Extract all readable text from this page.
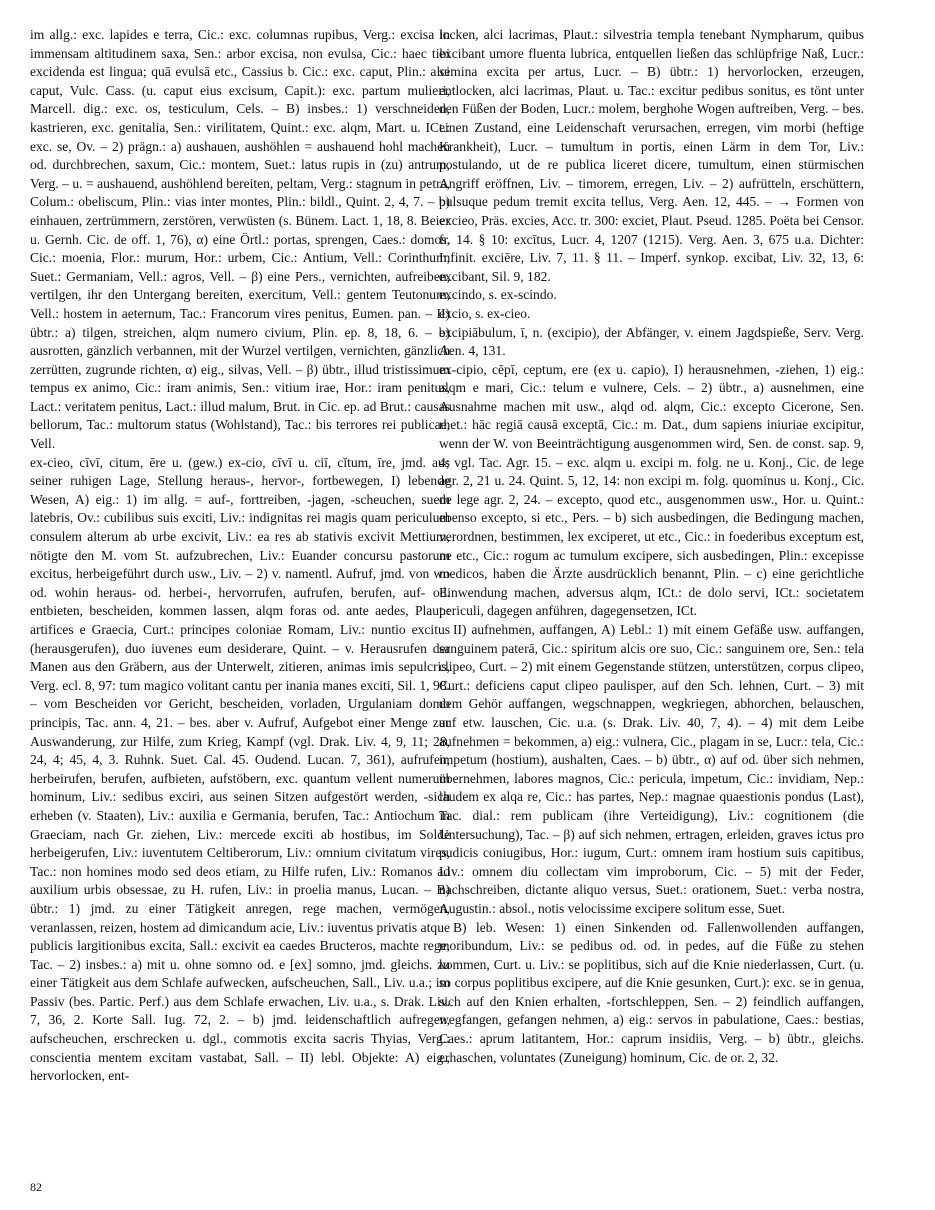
im allg.: exc. lapides e terra, Cic.: exc. columnas rupibus, Verg.: excisa in immensam altitudinem saxa, Sen.: arbor excisa, non evulsa, Cic.: haec tibi excidenda est lingua; quā evulsā etc., Cassius b. Cic.: exc. caput, Plin.: alci caput, Vulc. Cass. (u. caput eius excisum, Capit.): exc. partum mulieri, Marcell. dig.: exc. os, testiculum, Cels. – B) insbes.: 1) verschneiden, kastrieren, exc. genitalia, Sen.: virilitatem, Quint.: exc. alqm, Mart. u. ICt.: exc. se, Ov. – 2) prägn.: a) aushauen, aushöhlen = aushauend hohl machen od. durchbrechen, saxum, Cic.: montem, Suet.: latus rupis in (zu) antrum, Verg. – u. = aushauend, aushöhlend bereiten, peltam, Verg.: stagnum in petra, Colum.: obeliscum, Plin.: vias inter montes, Plin.: bildl., Quint. 2, 4, 7. – b) einhauen, zertrümmern, zerstören, verwüsten (s. Bünem. Lact. 1, 18, 8. Beier u. Gernh. Cic. de off. 1, 76), α) eine Örtl.: portas, sprengen, Caes.: domos, Cic.: moenia, Flor.: murum, Hor.: urbem, Cic.: Antium, Vell.: Corinthum, Suet.: Germaniam, Vell.: agros, Vell. – β) eine Pers., vernichten, aufreiben, vertilgen, ihr den Untergang bereiten, exercitum, Vell.: gentem Teutonum, Vell.: hostem in aeternum, Tac.: Francorum vires penitus, Eumen. pan. – II) übtr.: a) tilgen, streichen, alqm numero civium, Plin. ep. 8, 18, 6. – b) ausrotten, gänzlich verbannen, mit der Wurzel vertilgen, vernichten, gänzlich zerrütten, zugrunde richten, α) eig., silvas, Vell. – β) übtr., illud tristissimum tempus ex animo, Cic.: iram animis, Sen.: vitium irae, Hor.: iram penitus, Lact.: veritatem penitus, Lact.: illud malum, Brut. in Cic. ep. ad Brut.: causas bellorum, Tac.: multorum status (Wohlstand), Tac.: bis terrores rei publicae, Vell.

ex-cieo, cīvī, citum, ēre u. (gew.) ex-cio, cīvī u. ciī, cĭtum, īre, jmd. aus seiner ruhigen Lage, Stellung heraus-, hervor-, fortbewegen, I) lebende Wesen, A) eig.: 1) im allg. = auf-, forttreiben, -jagen, -scheuchen, suem latebris, Ov.: cubilibus suis exciti, Liv.: indignitas rei magis quam periculum consulem alterum ab urbe excivit, Liv.: ea res ab stativis excivit Mettium, nötigte den M. vom St. aufzubrechen, Liv.: Euander concursu pastorum excitus, herbeigeführt durch usw., Liv. – 2) v. namentl. Aufruf, jmd. von wo od. wohin heraus- od. herbei-, hervorrufen, aufrufen, berufen, auf- od. entbieten, bescheiden, kommen lassen, alqm foras od. ante aedes, Plaut.: artifices e Graecia, Curt.: principes coloniae Romam, Liv.: nuntio excitus (herausgerufen), duo iuvenes eum desiderare, Quint. – v. Herausrufen der Manen aus den Gräbern, aus der Unterwelt, zitieren, animas imis sepulcris, Verg. ecl. 8, 97: tum magico volitant cantu per inania manes exciti, Sil. 1, 98. – vom Bescheiden vor Gericht, bescheiden, vorladen, Urgulaniam domo principis, Tac. ann. 4, 21. – bes. aber v. Aufruf, Aufgebot einer Menge zur Auswanderung, zur Hilfe, zum Krieg, Kampf (vgl. Drak. Liv. 4, 9, 11; 28, 24, 4; 45, 4, 3. Ruhnk. Suet. Cal. 45. Oudend. Lucan. 7, 361), aufrufen, herbeirufen, berufen, aufbieten, aufstöbern, exc. quantum vellent numerum hominum, Liv.: sedibus exciri, aus seinen Sitzen aufgestört werden, -sich erheben (v. Staaten), Liv.: auxilia e Germania, berufen, Tac.: Antiochum in Graeciam, nach Gr. ziehen, Liv.: mercede exciti ab hostibus, im Solde herbeigerufen, Liv.: iuventutem Celtiberorum, Liv.: omnium civitatum vires, Tac.: non homines modo sed deos etiam, zu Hilfe rufen, Liv.: Romanos ad auxilium urbis obsessae, zu H. rufen, Liv.: in proelia manus, Lucan. – B) übtr.: 1) jmd. zu einer Tätigkeit anregen, rege machen, vermögen, veranlassen, reizen, hostem ad dimicandum acie, Liv.: iuventus privatis atque publicis largitionibus excita, Sall.: excivit ea caedes Bructeros, machte rege, Tac. – 2) insbes.: a) mit u. ohne somno od. e [ex] somno, jmd. gleichs. zu einer Tätigkeit aus dem Schlafe aufwecken, aufscheuchen, Sall., Liv. u.a.; im Passiv (bes. Partic. Perf.) aus dem Schlafe erwachen, Liv. u.a., s. Drak. Liv. 7, 36, 2. Korte Sall. Iug. 72, 2. – b) jmd. leidenschaftlich aufregen, aufscheuchen, erschrecken u. dgl., commotis excita sacris Thyias, Verg.: conscientia mentem excitam vastabat, Sall. – II) lebl. Objekte: A) eig., hervorlocken, ent-

locken, alci lacrimas, Plaut.: silvestria templa tenebant Nympharum, quibus excibant umore fluenta lubrica, entquellen ließen das schlüpfrige Naß, Lucr.: semina excita per artus, Lucr. – B) übtr.: 1) hervorlocken, erzeugen, entlocken, alci lacrimas, Plaut. u. Tac.: excitur pedibus sonitus, es tönt unter den Füßen der Boden, Lucr.: molem, berghohe Wogen auftreiben, Verg. – bes. einen Zustand, eine Leidenschaft verursachen, erregen, vim morbi (heftige Krankheit), Lucr. – tumultum in portis, einen Lärm in dem Tor, Liv.: postulando, ut de re publica liceret dicere, tumultum, einen stürmischen Angriff eröffnen, Liv. – timorem, erregen, Liv. – 2) aufrütteln, erschüttern, pulsuque pedum tremit excita tellus, Verg. Aen. 12, 445. – → Formen von excieo, Präs. excies, Acc. tr. 300: exciet, Plaut. Pseud. 1285. Poëta bei Censor. fr. 14. § 10: excītus, Lucr. 4, 1207 (1215). Verg. Aen. 3, 675 u.a. Dichter: Infinit. exciēre, Liv. 7, 11. § 11. – Imperf. synkop. excibat, Liv. 32, 13, 6: excibant, Sil. 9, 182.

excindo, s. ex-scindo.

excio, s. ex-cieo.

excipiābulum, ī, n. (excipio), der Abfänger, v. einem Jagdspieße, Serv. Verg. Aen. 4, 131.

ex-cipio, cēpī, ceptum, ere (ex u. capio), I) herausnehmen, -ziehen, 1) eig.: alqm e mari, Cic.: telum e vulnere, Cels. – 2) übtr., a) ausnehmen, eine Ausnahme machen mit usw., alqd od. alqm, Cic.: excepto Cicerone, Sen. rhet.: hāc regiā causā exceptā, Cic.: m. Dat., dum sapiens iniuriae excipitur, wenn der W. von Beeinträchtigung ausgenommen wird, Sen. de const. sap. 9, 4; vgl. Tac. Agr. 15. – exc. alqm u. excipi m. folg. ne u. Konj., Cic. de lege agr. 2, 21 u. 24. Quint. 5, 12, 14: non excipi m. folg. quominus u. Konj., Cic. de lege agr. 2, 24. – excepto, quod etc., ausgenommen usw., Hor. u. Quint.: ebenso excepto, si etc., Pers. – b) sich ausbedingen, die Bedingung machen, verordnen, bestimmen, lex exciperet, ut etc., Cic.: in foederibus exceptum est, ne etc., Cic.: rogum ac tumulum excipere, sich ausbedingen, Plin.: excepisse medicos, haben die Ärzte ausdrücklich benannt, Plin. – c) eine gerichtliche Einwendung machen, adversus alqm, ICt.: de dolo servi, ICt.: societatem periculi, dagegen anführen, dagegensetzen, ICt.

II) aufnehmen, auffangen, A) Lebl.: 1) mit einem Gefäße usw. auffangen, sanguinem paterā, Cic.: spiritum alcis ore suo, Cic.: sanguinem ore, Sen.: tela clipeo, Curt. – 2) mit einem Gegenstande stützen, unterstützen, corpus clipeo, Curt.: deficiens caput clipeo paulisper, auf den Sch. lehnen, Curt. – 3) mit dem Gehör auffangen, wegschnappen, wegkriegen, abhorchen, belauschen, auf etw. lauschen, Cic. u.a. (s. Drak. Liv. 40, 7, 4). – 4) mit dem Leibe aufnehmen = bekommen, a) eig.: vulnera, Cic., plagam in se, Lucr.: tela, Cic.: impetum (hostium), aushalten, Caes. – b) übtr., α) auf od. über sich nehmen, übernehmen, labores magnos, Cic.: pericula, impetum, Cic.: invidiam, Nep.: laudem ex alqa re, Cic.: has partes, Nep.: magnae quaestionis pondus (Last), Tac. dial.: rem publicam (ihre Verteidigung), Liv.: cognitionem (die Untersuchung), Tac. – β) auf sich nehmen, ertragen, erleiden, graves ictus pro pudicis coniugibus, Hor.: iugum, Curt.: omnem iram hostium suis capitibus, Liv.: omnem diu collectam vim improborum, Cic. – 5) mit der Feder, nachschreiben, dictante aliquo versus, Suet.: orationem, Suet.: verba nostra, Augustin.: absol., notis velocissime excipere solitum esse, Suet.

B) leb. Wesen: 1) einen Sinkenden od. Fallenwollenden auffangen, moribundum, Liv.: se pedibus od. od. in pedes, auf die Füße zu stehen kommen, Curt. u. Liv.: se poplitibus, sich auf die Knie niederlassen, Curt. (u. so corpus poplitibus excipere, auf die Knie gesunken, Curt.): exc. se in genua, sich auf den Knien erhalten, -fortschleppen, Sen. – 2) feindlich auffangen, wegfangen, gefangen nehmen, a) eig.: servos in pabulatione, Caes.: bestias, Caes.: aprum latitantem, Hor.: caprum insidiis, Verg. – b) übtr., gleichs. erhaschen, voluntates (Zuneigung) hominum, Cic. de or. 2, 32.

82
